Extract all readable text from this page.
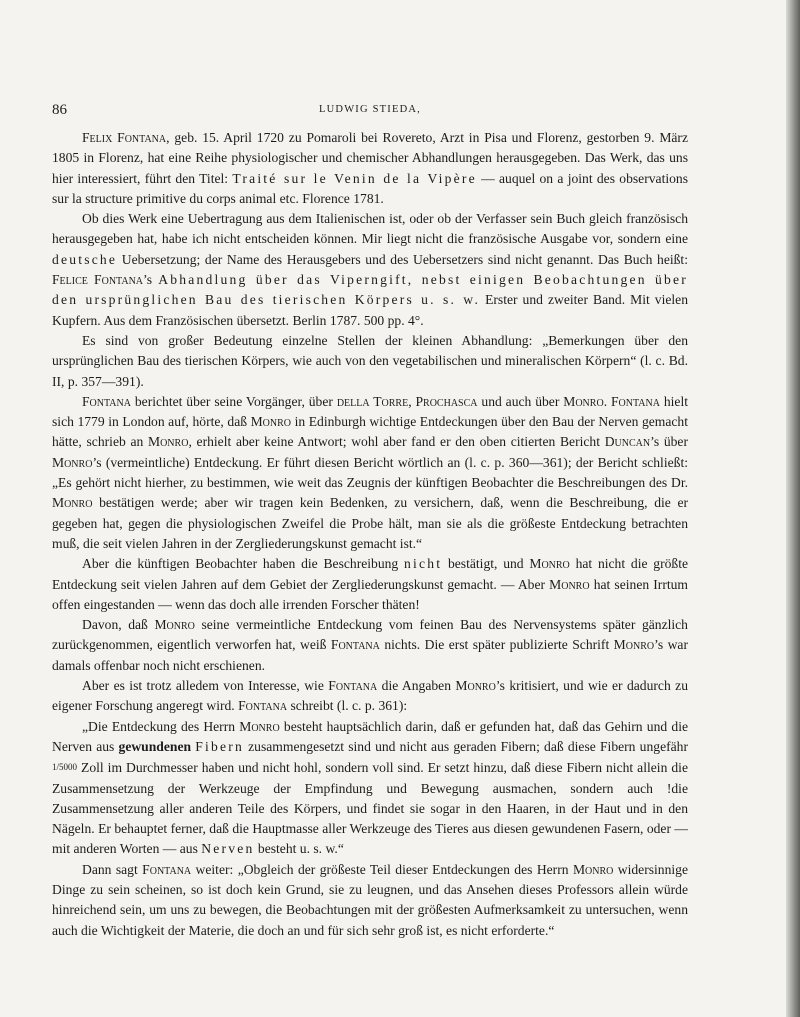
86	LUDWIG STIEDA,

Felix Fontana, geb. 15. April 1720 zu Pomaroli bei Rovereto, Arzt in Pisa und Florenz, gestorben 9. März 1805 in Florenz, hat eine Reihe physiologischer und chemischer Abhandlungen herausgegeben. Das Werk, das uns hier interessiert, führt den Titel: Traité sur le Venin de la Vipère — auquel on a joint des observations sur la structure primitive du corps animal etc. Florence 1781.

Ob dies Werk eine Uebertragung aus dem Italienischen ist, oder ob der Verfasser sein Buch gleich französisch herausgegeben hat, habe ich nicht entscheiden können. Mir liegt nicht die französische Ausgabe vor, sondern eine deutsche Uebersetzung; der Name des Herausgebers und des Uebersetzers sind nicht genannt. Das Buch heißt: Felice Fontana’s Abhandlung über das Viperngift, nebst einigen Beobachtungen über den ursprünglichen Bau des tierischen Körpers u. s. w. Erster und zweiter Band. Mit vielen Kupfern. Aus dem Französischen übersetzt. Berlin 1787. 500 pp. 4°.

Es sind von großer Bedeutung einzelne Stellen der kleinen Abhandlung: „Bemerkungen über den ursprünglichen Bau des tierischen Körpers, wie auch von den vegetabilischen und mineralischen Körpern“ (l. c. Bd. II, p. 357—391).

Fontana berichtet über seine Vorgänger, über della Torre, Prochasca und auch über Monro. Fontana hielt sich 1779 in London auf, hörte, daß Monro in Edinburgh wichtige Entdeckungen über den Bau der Nerven gemacht hätte, schrieb an Monro, erhielt aber keine Antwort; wohl aber fand er den oben citierten Bericht Duncan’s über Monro’s (vermeintliche) Entdeckung. Er führt diesen Bericht wörtlich an (l. c. p. 360—361); der Bericht schließt: „Es gehört nicht hierher, zu bestimmen, wie weit das Zeugnis der künftigen Beobachter die Beschreibungen des Dr. Monro bestätigen werde; aber wir tragen kein Bedenken, zu versichern, daß, wenn die Beschreibung, die er gegeben hat, gegen die physiologischen Zweifel die Probe hält, man sie als die größeste Entdeckung betrachten muß, die seit vielen Jahren in der Zergliederungskunst gemacht ist.“

Aber die künftigen Beobachter haben die Beschreibung nicht bestätigt, und Monro hat nicht die größte Entdeckung seit vielen Jahren auf dem Gebiet der Zergliederungskunst gemacht. — Aber Monro hat seinen Irrtum offen eingestanden — wenn das doch alle irrenden Forscher thäten!

Davon, daß Monro seine vermeintliche Entdeckung vom feinen Bau des Nervensystems später gänzlich zurückgenommen, eigentlich verworfen hat, weiß Fontana nichts. Die erst später publizierte Schrift Monro’s war damals offenbar noch nicht erschienen.

Aber es ist trotz alledem von Interesse, wie Fontana die Angaben Monro’s kritisiert, und wie er dadurch zu eigener Forschung angeregt wird. Fontana schreibt (l. c. p. 361):

„Die Entdeckung des Herrn Monro besteht hauptsächlich darin, daß er gefunden hat, daß das Gehirn und die Nerven aus gewundenen Fibern zusammengesetzt sind und nicht aus geraden Fibern; daß diese Fibern ungefähr 1/5000 Zoll im Durchmesser haben und nicht hohl, sondern voll sind. Er setzt hinzu, daß diese Fibern nicht allein die Zusammensetzung der Werkzeuge der Empfindung und Bewegung ausmachen, sondern auch !die Zusammensetzung aller anderen Teile des Körpers, und findet sie sogar in den Haaren, in der Haut und in den Nägeln. Er behauptet ferner, daß die Hauptmasse aller Werkzeuge des Tieres aus diesen gewundenen Fasern, oder — mit anderen Worten — aus Nerven besteht u. s. w.“

Dann sagt Fontana weiter: „Obgleich der größeste Teil dieser Entdeckungen des Herrn Monro widersinnige Dinge zu sein scheinen, so ist doch kein Grund, sie zu leugnen, und das Ansehen dieses Professors allein würde hinreichend sein, um uns zu bewegen, die Beobachtungen mit der größesten Aufmerksamkeit zu untersuchen, wenn auch die Wichtigkeit der Materie, die doch an und für sich sehr groß ist, es nicht erforderte.“
